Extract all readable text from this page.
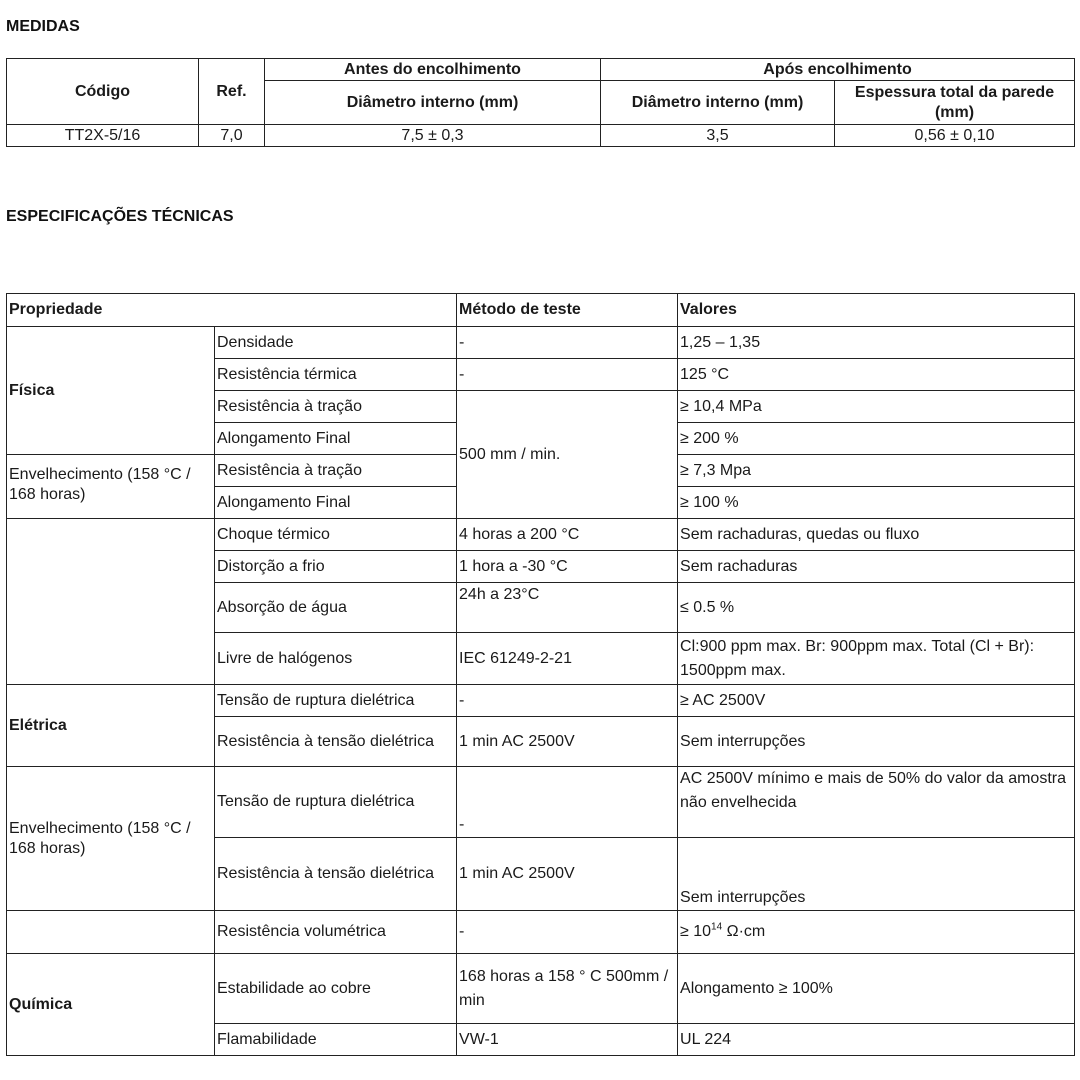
MEDIDAS
Código	Ref.	Antes do encolhimento	Após encolhimento	
		Diâmetro interno (mm)	Diâmetro interno (mm)	Espessura total da parede (mm)
TT2X-5/16	7,0	7,5 ± 0,3	3,5	0,56 ± 0,10
ESPECIFICAÇÕES TÉCNICAS
Propriedade		Método de teste	Valores
Física	Densidade	-	1,25 – 1,35
	Resistência térmica	-	125 °C
	Resistência à tração	500 mm / min.	≥ 10,4 MPa
	Alongamento Final		≥ 200 %
Envelhecimento (158 °C / 168 horas)	Resistência à tração		≥ 7,3 Mpa
	Alongamento Final		≥ 100 %
	Choque térmico	4 horas a 200 °C	Sem rachaduras, quedas ou fluxo
	Distorção a frio	1 hora a -30 °C	Sem rachaduras
	Absorção de água	24h a 23°C	≤ 0.5 %
	Livre de halógenos	IEC 61249-2-21	Cl:900 ppm max. Br: 900ppm max. Total (Cl + Br): 1500ppm max.
Elétrica	Tensão de ruptura dielétrica	-	≥ AC 2500V
	Resistência à tensão dielétrica	1 min AC 2500V	Sem interrupções
Envelhecimento (158 °C / 168 horas)	Tensão de ruptura dielétrica	-	AC 2500V mínimo e mais de 50% do valor da amostra não envelhecida
	Resistência à tensão dielétrica	1 min AC 2500V	Sem interrupções
	Resistência volumétrica	-	≥ $10^{14}$ Ω·cm
Química	Estabilidade ao cobre	168 horas a 158 ° C 500mm / min	Alongamento ≥ 100%
	Flamabilidade	VW-1	UL 224
